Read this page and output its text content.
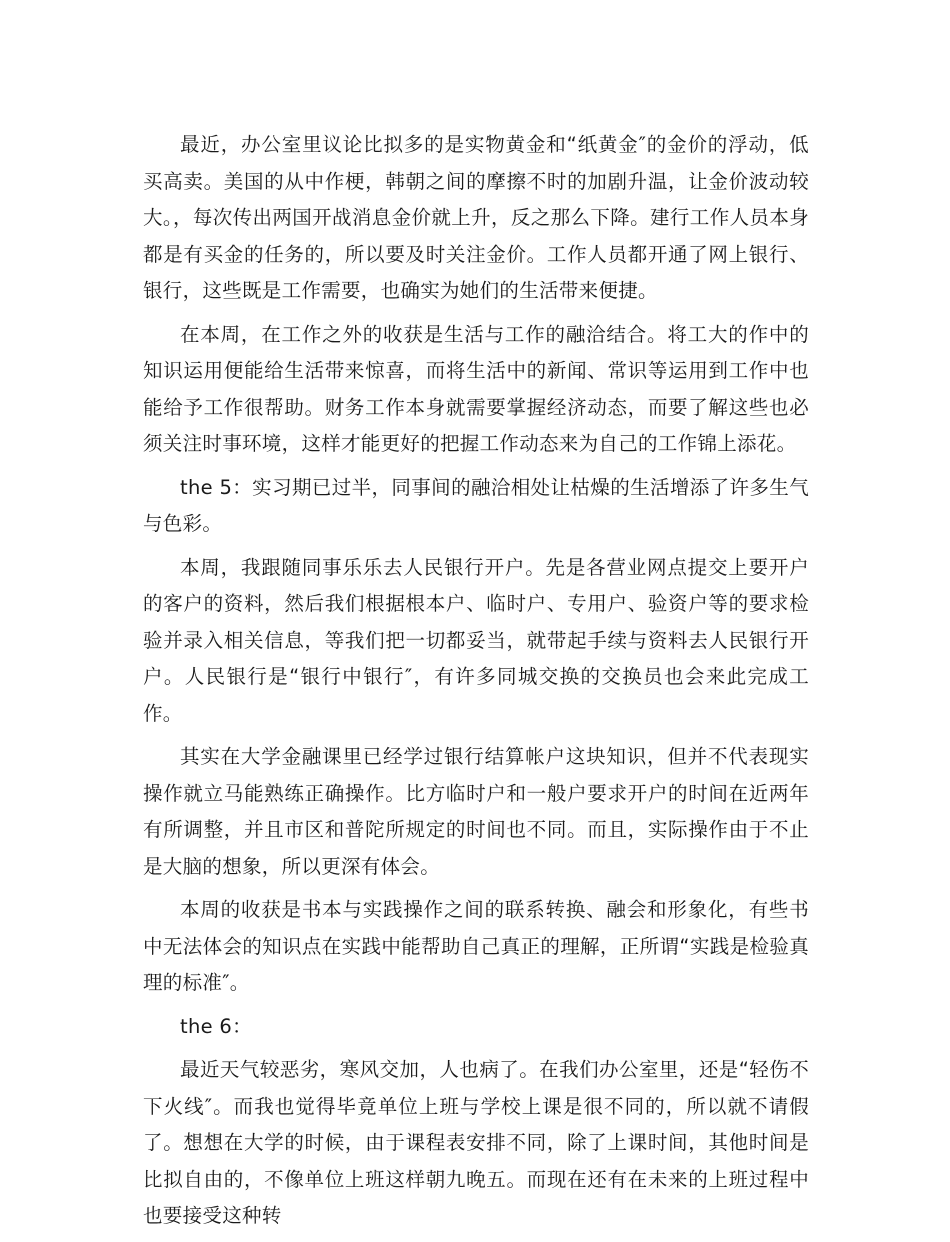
最近，办公室里议论比拟多的是实物黄金和“纸黄金″的金价的浮动，低买高卖。美国的从中作梗，韩朝之间的摩擦不时的加剧升温，让金价波动较大。，每次传出两国开战消息金价就上升，反之那么下降。建行工作人员本身都是有买金的任务的，所以要及时关注金价。工作人员都开通了网上银行、 银行，这些既是工作需要，也确实为她们的生活带来便捷。

在本周，在工作之外的收获是生活与工作的融洽结合。将工大的作中的知识运用便能给生活带来惊喜，而将生活中的新闻、常识等运用到工作中也能给予工作很帮助。财务工作本身就需要掌握经济动态，而要了解这些也必须关注时事环境，这样才能更好的把握工作动态来为自己的工作锦上添花。

the 5：实习期已过半，同事间的融洽相处让枯燥的生活增添了许多生气与色彩。

本周，我跟随同事乐乐去人民银行开户。先是各营业网点提交上要开户的客户的资料，然后我们根据根本户、临时户、专用户、验资户等的要求检验并录入相关信息，等我们把一切都妥当，就带起手续与资料去人民银行开户。人民银行是“银行中银行″，有许多同城交换的交换员也会来此完成工作。

其实在大学金融课里已经学过银行结算帐户这块知识，但并不代表现实操作就立马能熟练正确操作。比方临时户和一般户要求开户的时间在近两年有所调整，并且市区和普陀所规定的时间也不同。而且，实际操作由于不止是大脑的想象，所以更深有体会。

本周的收获是书本与实践操作之间的联系转换、融会和形象化，有些书中无法体会的知识点在实践中能帮助自己真正的理解，正所谓“实践是检验真理的标准″。

the 6：

最近天气较恶劣，寒风交加，人也病了。在我们办公室里，还是“轻伤不下火线″。而我也觉得毕竟单位上班与学校上课是很不同的，所以就不请假了。想想在大学的时候，由于课程表安排不同，除了上课时间，其他时间是比拟自由的，不像单位上班这样朝九晚五。而现在还有在未来的上班过程中也要接受这种转
